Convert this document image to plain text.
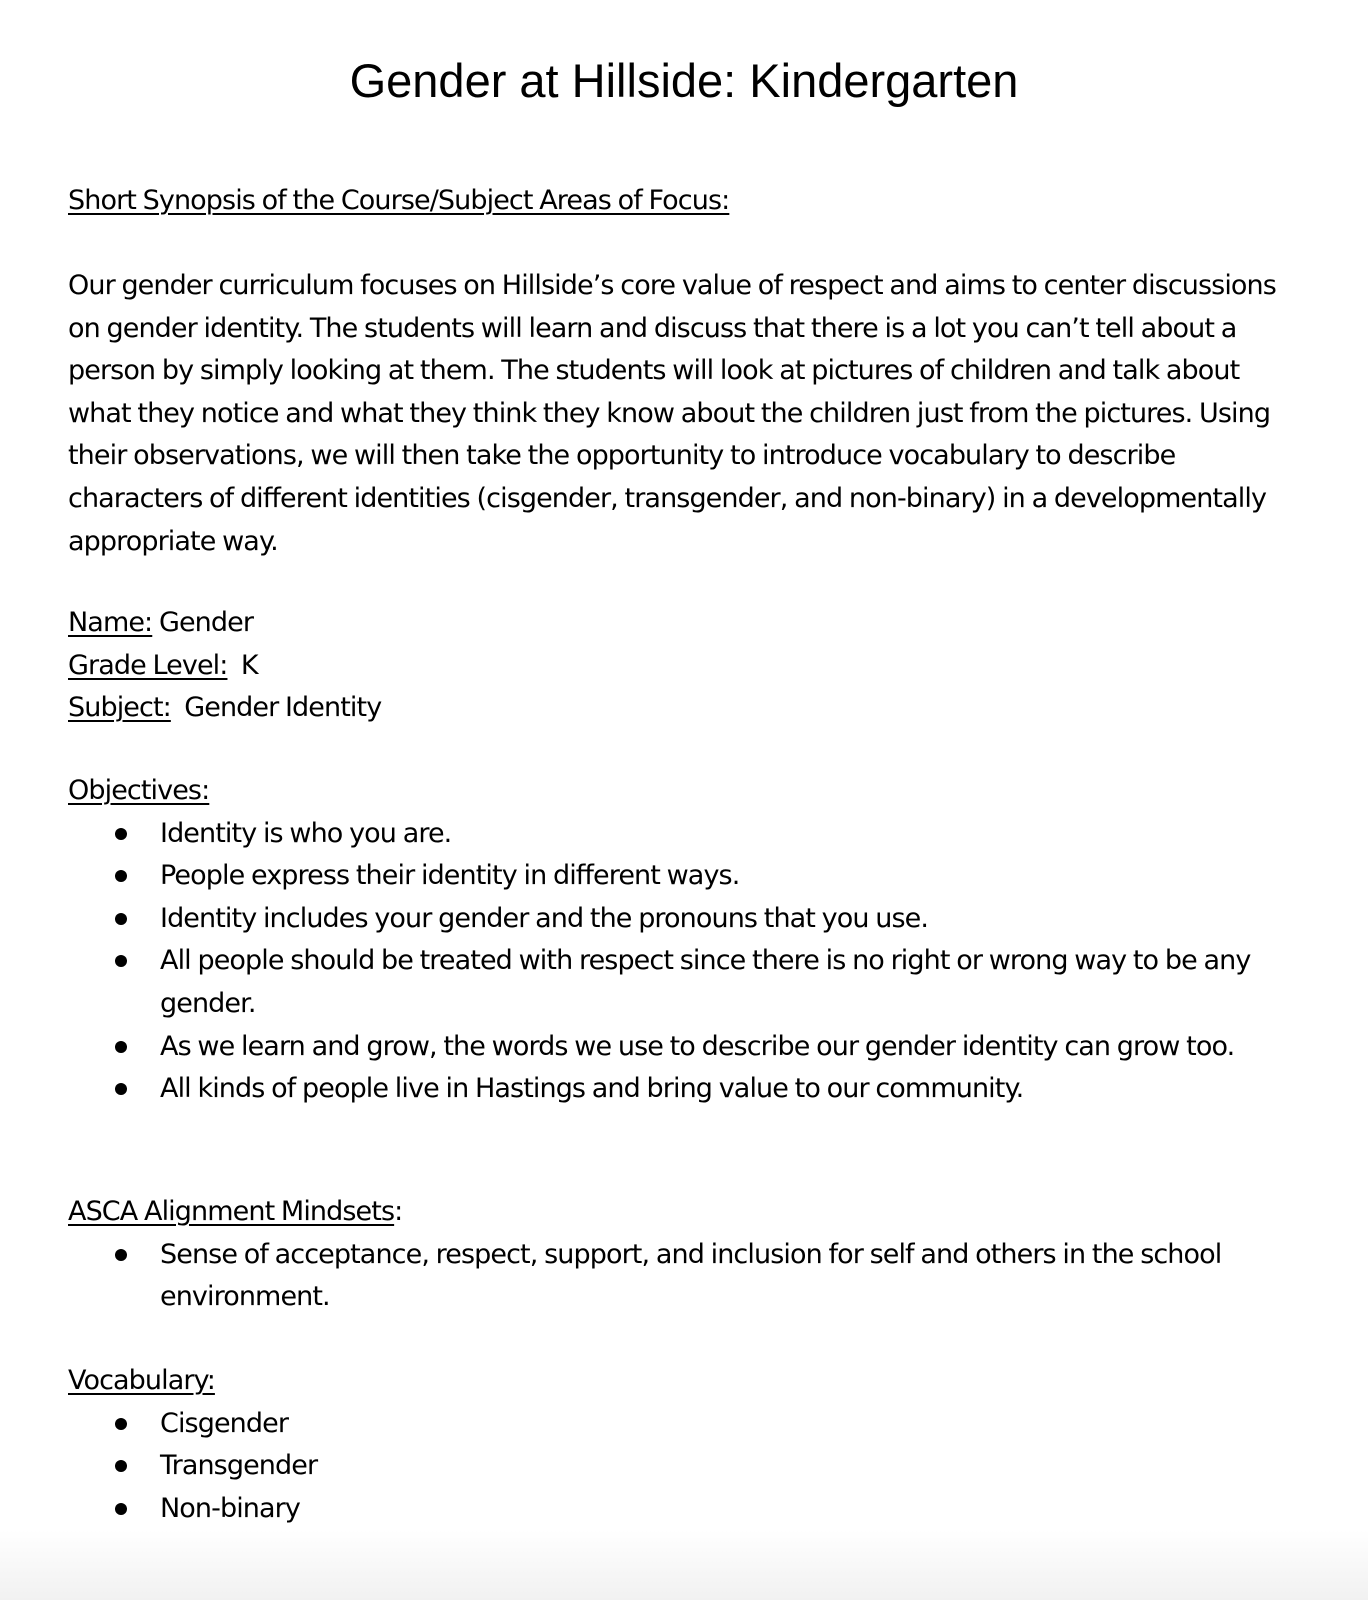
Gender at Hillside: Kindergarten
Short Synopsis of the Course/Subject Areas of Focus:

Our gender curriculum focuses on Hillside’s core value of respect and aims to center discussions on gender identity. The students will learn and discuss that there is a lot you can’t tell about a person by simply looking at them. The students will look at pictures of children and talk about what they notice and what they think they know about the children just from the pictures. Using their observations, we will then take the opportunity to introduce vocabulary to describe characters of different identities (cisgender, transgender, and non-binary) in a developmentally appropriate way.

Name: Gender
Grade Level: K
Subject: Gender Identity
Objectives:
Identity is who you are.
People express their identity in different ways.
Identity includes your gender and the pronouns that you use.
All people should be treated with respect since there is no right or wrong way to be any gender.
As we learn and grow, the words we use to describe our gender identity can grow too.
All kinds of people live in Hastings and bring value to our community.
ASCA Alignment Mindsets:
Sense of acceptance, respect, support, and inclusion for self and others in the school environment.
Vocabulary:
Cisgender
Transgender
Non-binary
